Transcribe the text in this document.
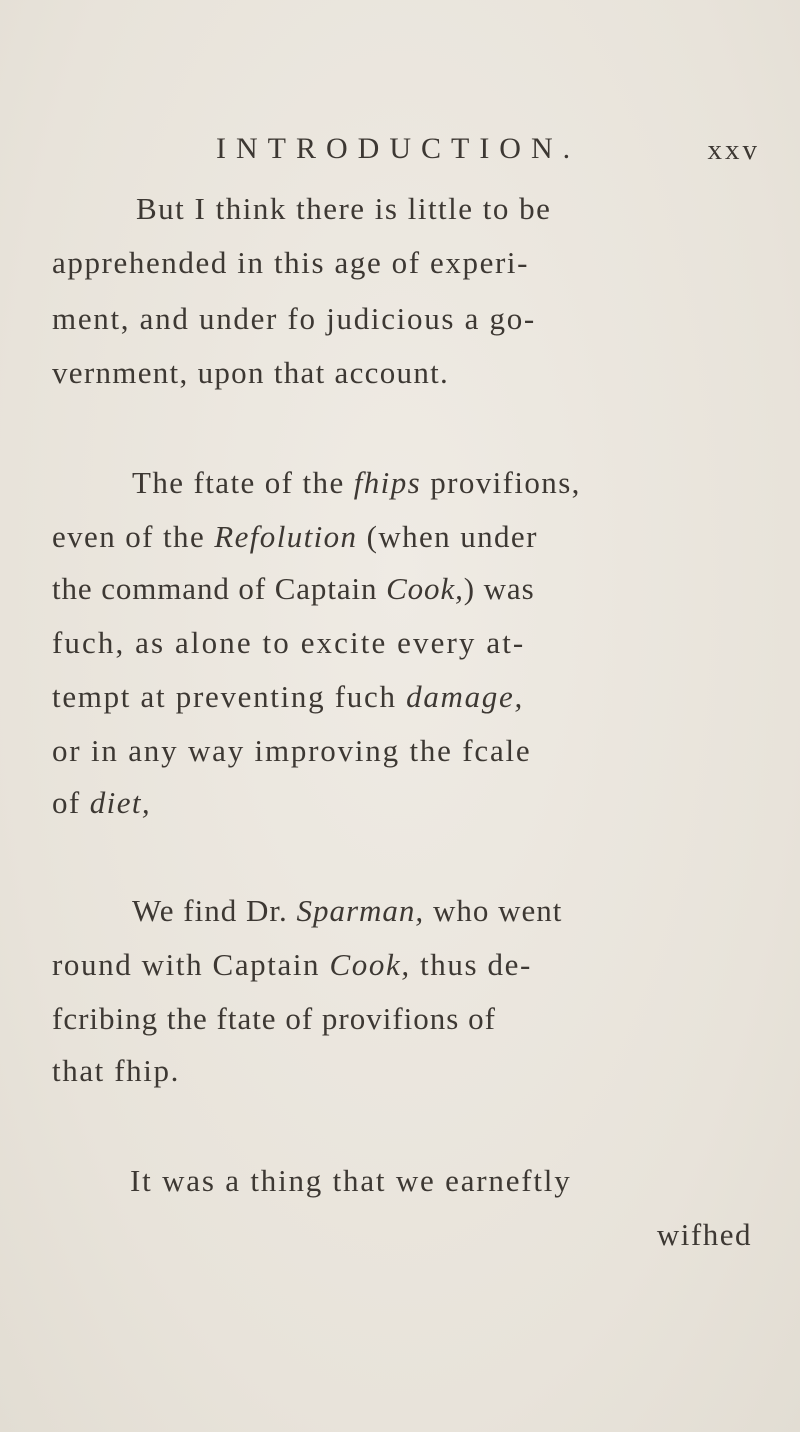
INTRODUCTION.	xxv
But I think there is little to be
apprehended in this age of experi-
ment, and under fo judicious a go-
vernment, upon that account.
The ftate of the fhips provifions,
even of the Refolution (when under
the command of Captain Cook,) was
fuch, as alone to excite every at-
tempt at preventing fuch damage,
or in any way improving the fcale
of diet,
We find Dr. Sparman, who went
round with Captain Cook, thus de-
fcribing the ftate of provifions of
that fhip.
It was a thing that we earneftly
wifhed
